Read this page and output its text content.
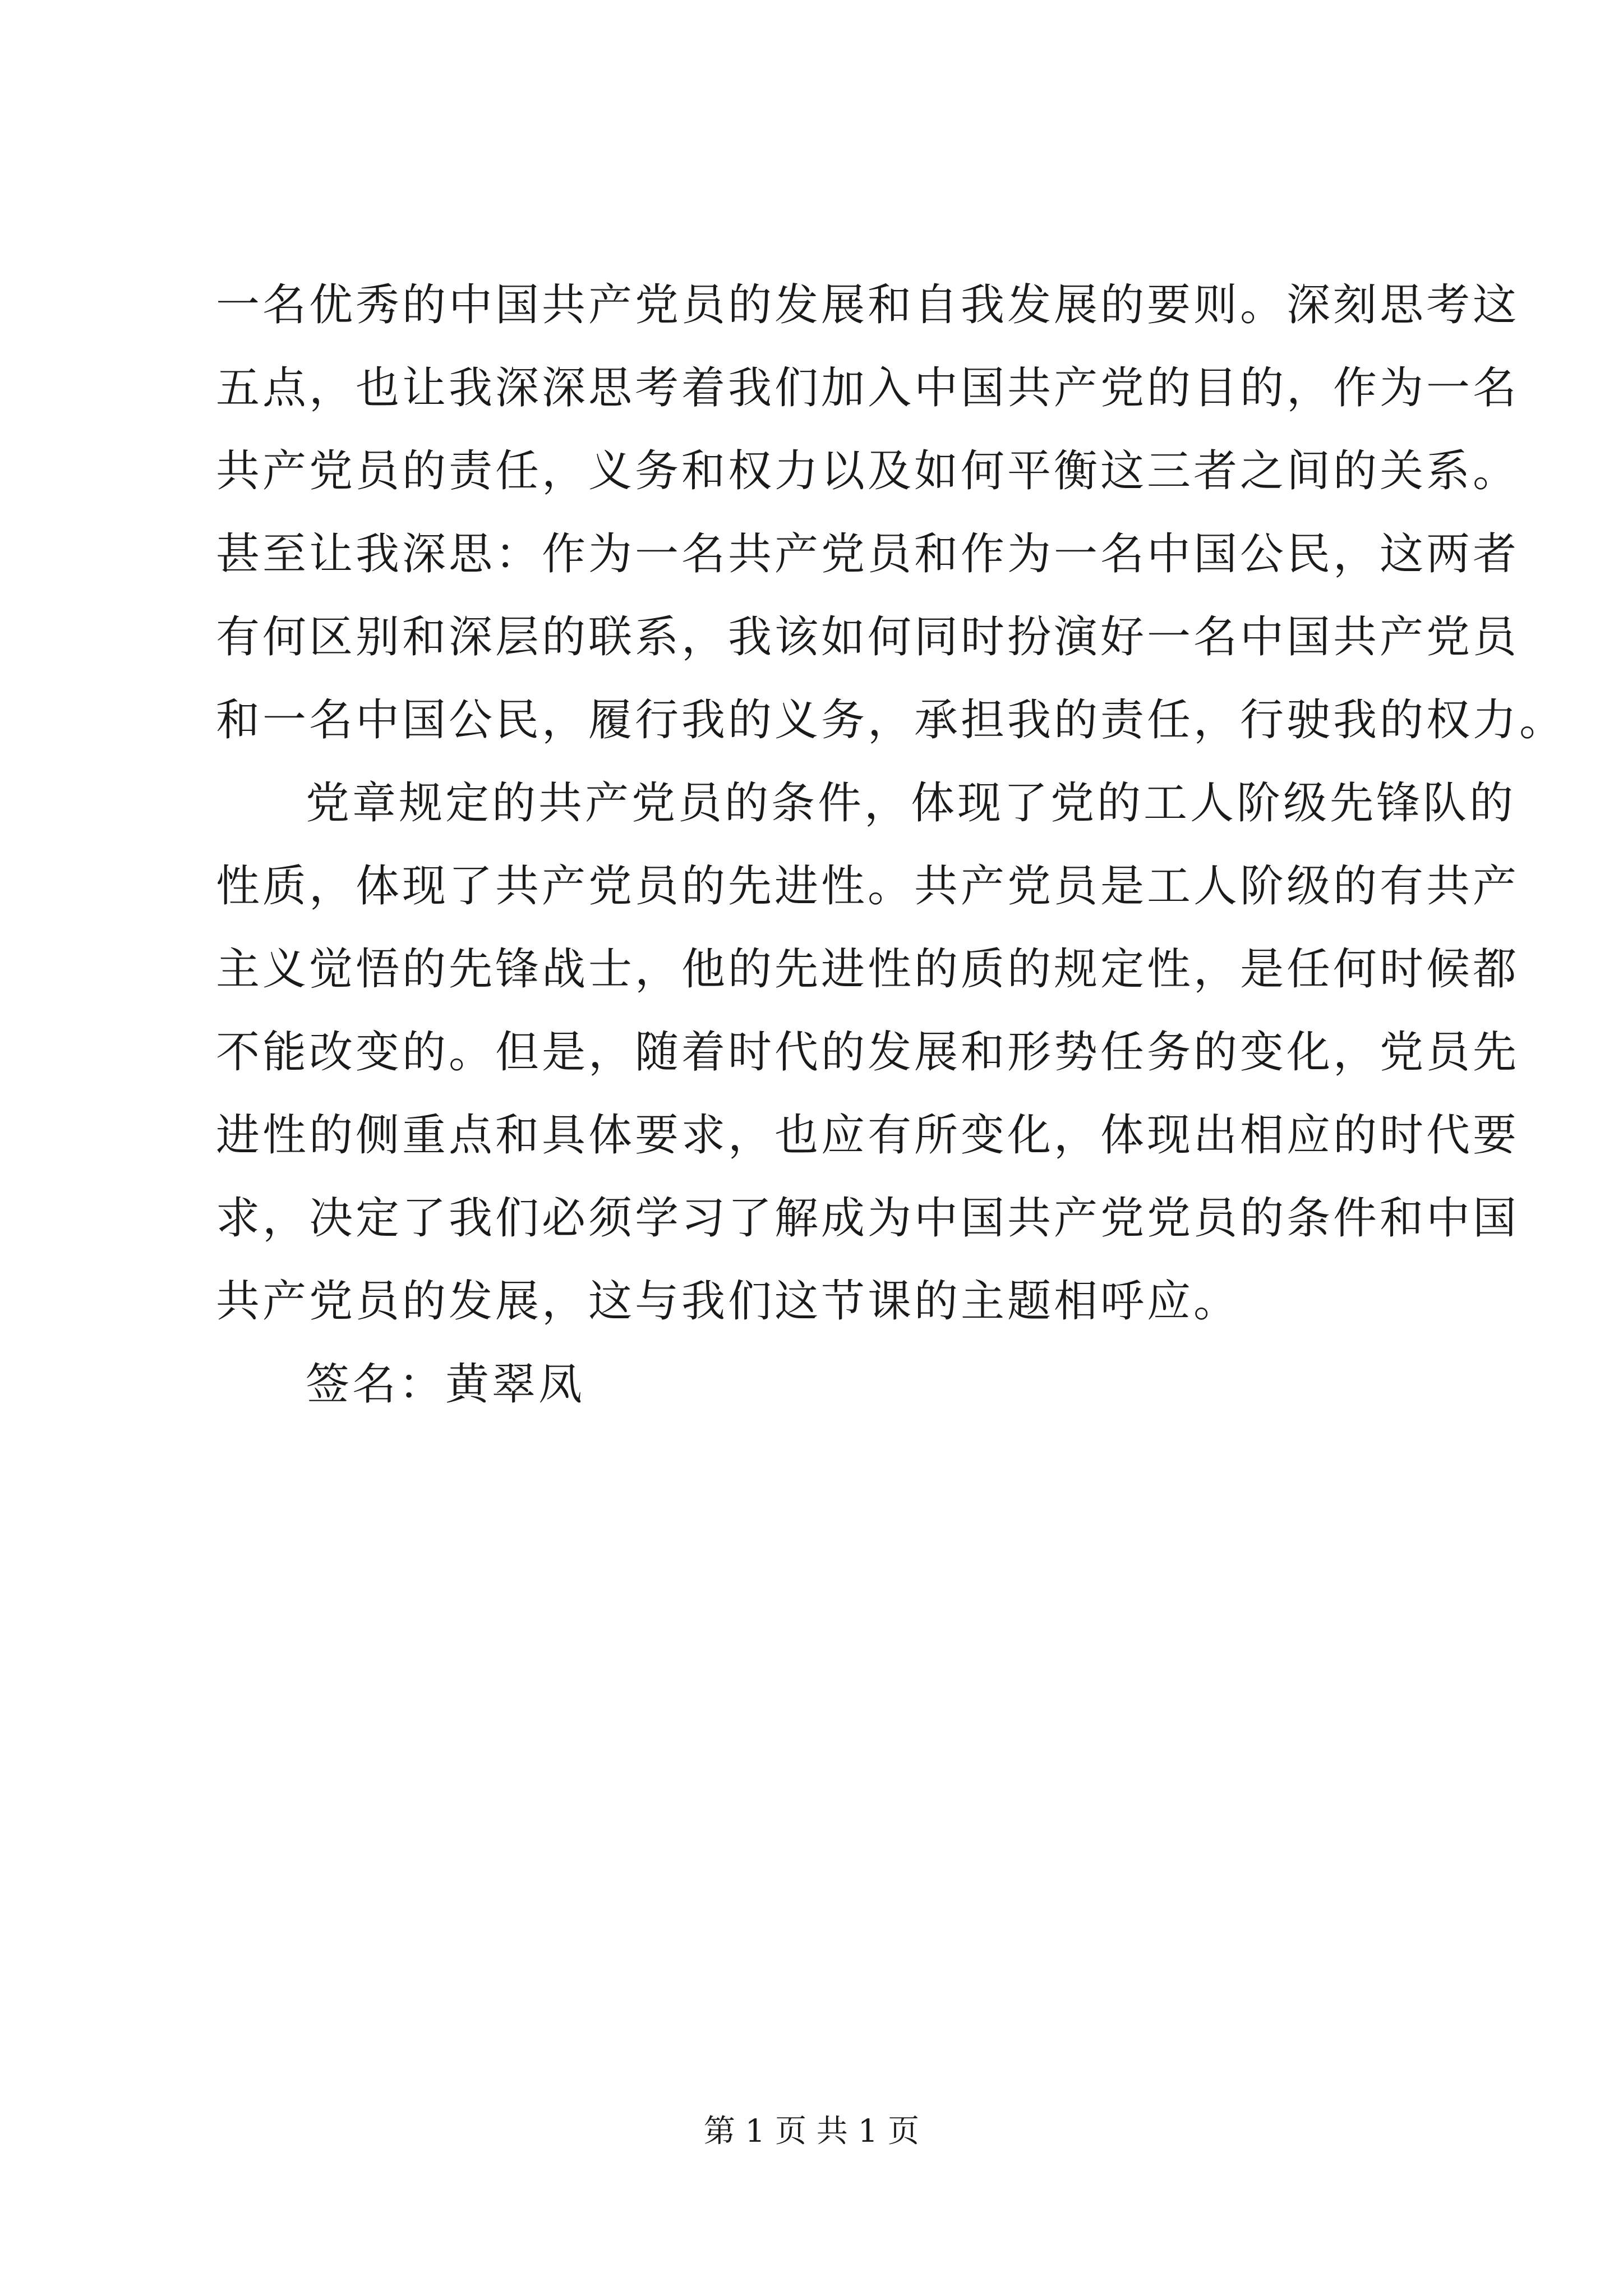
一名优秀的中国共产党员的发展和自我发展的要则。深刻思考这
五点，也让我深深思考着我们加入中国共产党的目的，作为一名
共产党员的责任，义务和权力以及如何平衡这三者之间的关系。
甚至让我深思：作为一名共产党员和作为一名中国公民，这两者
有何区别和深层的联系，我该如何同时扮演好一名中国共产党员
和一名中国公民，履行我的义务，承担我的责任，行驶我的权力。
党章规定的共产党员的条件，体现了党的工人阶级先锋队的
性质，体现了共产党员的先进性。共产党员是工人阶级的有共产
主义觉悟的先锋战士，他的先进性的质的规定性，是任何时候都
不能改变的。但是，随着时代的发展和形势任务的变化，党员先
进性的侧重点和具体要求，也应有所变化，体现出相应的时代要
求，决定了我们必须学习了解成为中国共产党党员的条件和中国
共产党员的发展，这与我们这节课的主题相呼应。
签名：黄翠凤
第 1 页 共 1 页
